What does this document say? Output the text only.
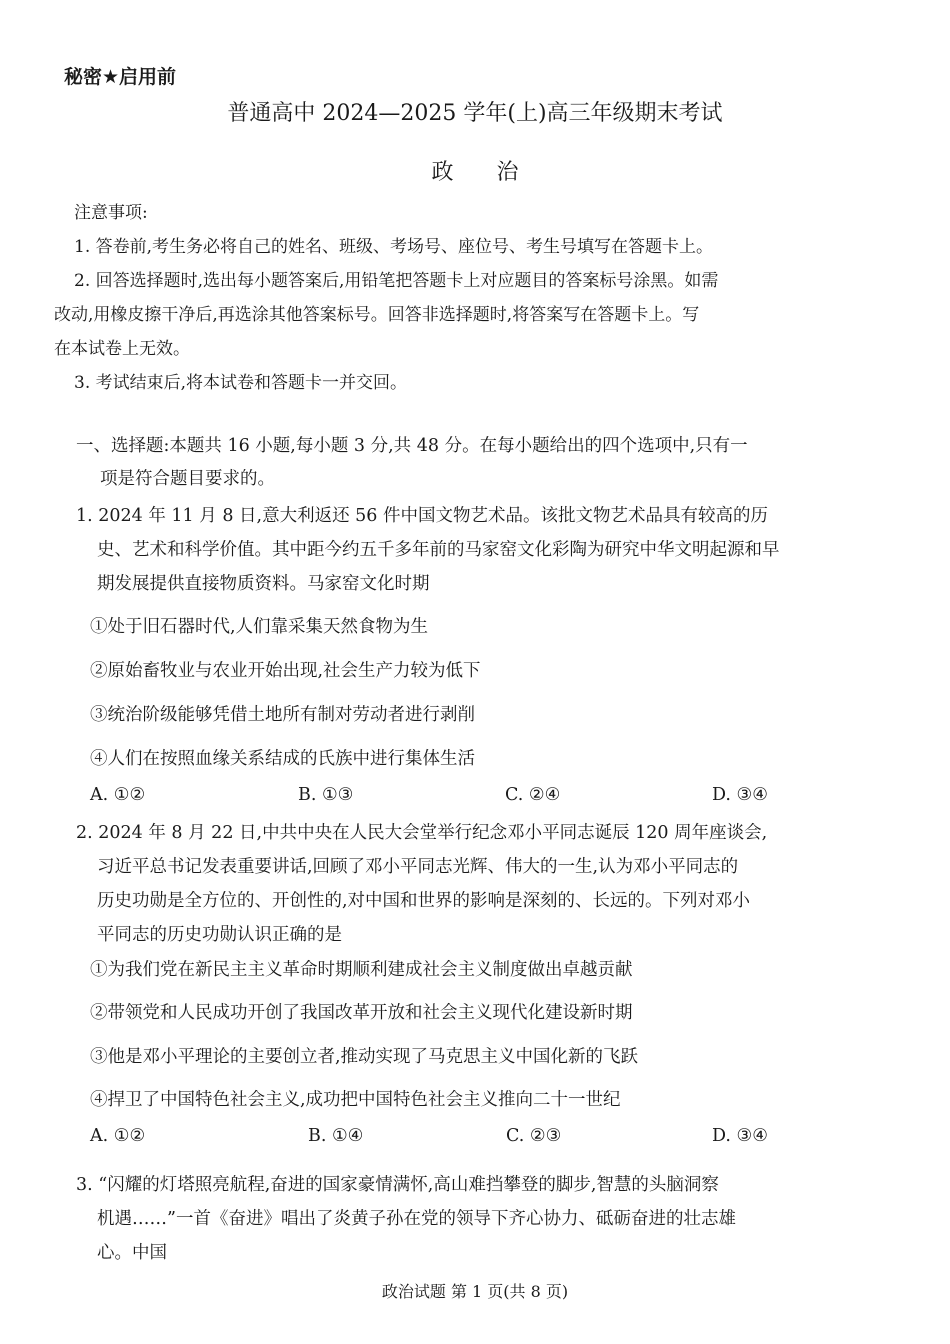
秘密★启用前
普通高中 2024—2025 学年(上)高三年级期末考试
政 治
注意事项:
1. 答卷前,考生务必将自己的姓名、班级、考场号、座位号、考生号填写在答题卡上。
2. 回答选择题时,选出每小题答案后,用铅笔把答题卡上对应题目的答案标号涂黑。如需
改动,用橡皮擦干净后,再选涂其他答案标号。回答非选择题时,将答案写在答题卡上。写
在本试卷上无效。
3. 考试结束后,将本试卷和答题卡一并交回。
一、选择题:本题共 16 小题,每小题 3 分,共 48 分。在每小题给出的四个选项中,只有一
项是符合题目要求的。
1. 2024 年 11 月 8 日,意大利返还 56 件中国文物艺术品。该批文物艺术品具有较高的历
史、艺术和科学价值。其中距今约五千多年前的马家窑文化彩陶为研究中华文明起源和早
期发展提供直接物质资料。马家窑文化时期
①处于旧石器时代,人们靠采集天然食物为生
②原始畜牧业与农业开始出现,社会生产力较为低下
③统治阶级能够凭借土地所有制对劳动者进行剥削
④人们在按照血缘关系结成的氏族中进行集体生活
A. ①②	B. ①③	C. ②④	D. ③④
2. 2024 年 8 月 22 日,中共中央在人民大会堂举行纪念邓小平同志诞辰 120 周年座谈会,
习近平总书记发表重要讲话,回顾了邓小平同志光辉、伟大的一生,认为邓小平同志的
历史功勋是全方位的、开创性的,对中国和世界的影响是深刻的、长远的。下列对邓小
平同志的历史功勋认识正确的是
①为我们党在新民主主义革命时期顺利建成社会主义制度做出卓越贡献
②带领党和人民成功开创了我国改革开放和社会主义现代化建设新时期
③他是邓小平理论的主要创立者,推动实现了马克思主义中国化新的飞跃
④捍卫了中国特色社会主义,成功把中国特色社会主义推向二十一世纪
A. ①②	B. ①④	C. ②③	D. ③④
3. “闪耀的灯塔照亮航程,奋进的国家豪情满怀,高山难挡攀登的脚步,智慧的头脑洞察
机遇……”一首《奋进》唱出了炎黄子孙在党的领导下齐心协力、砥砺奋进的壮志雄
心。中国
政治试题 第 1 页(共 8 页)
